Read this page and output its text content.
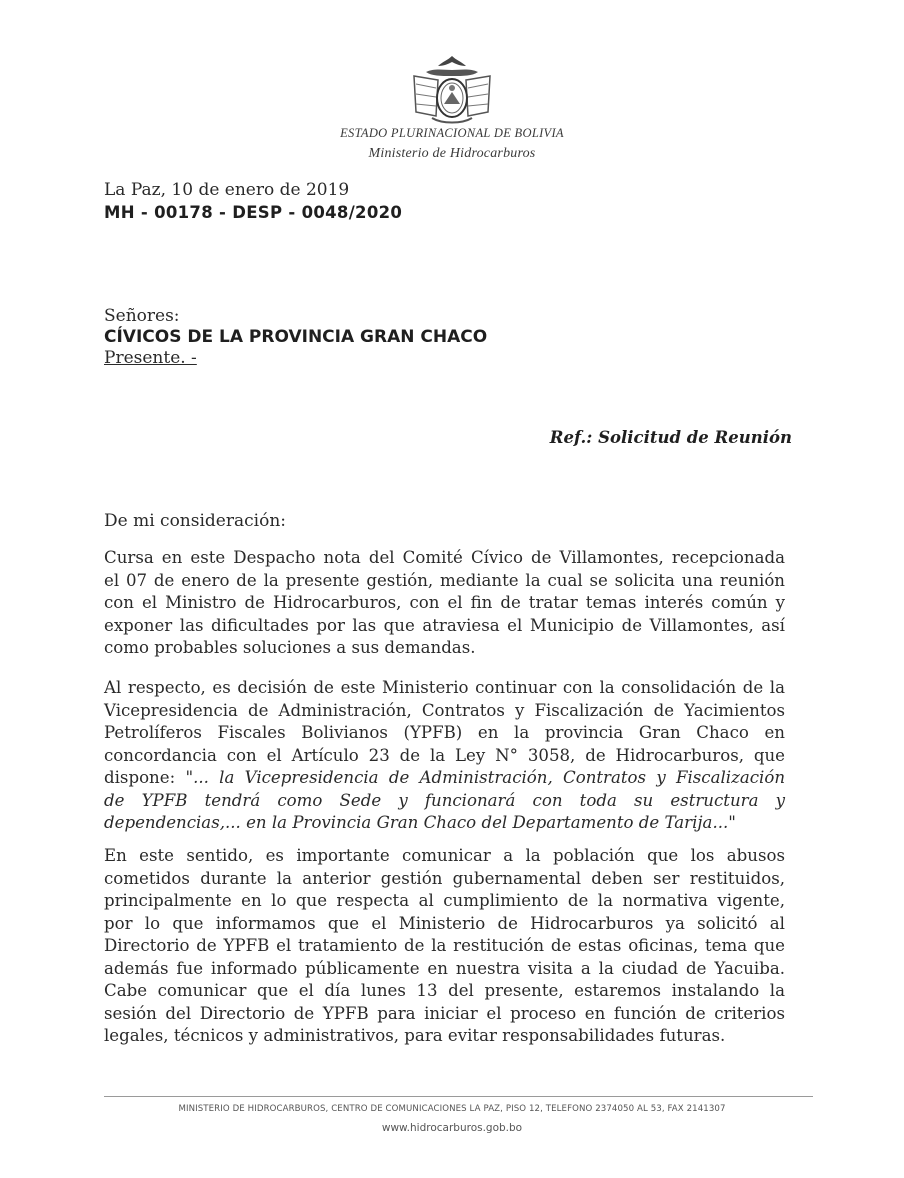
ESTADO PLURINACIONAL DE BOLIVIA
Ministerio de Hidrocarburos
La Paz, 10 de enero de 2019
MH - 00178 - DESP - 0048/2020
Señores:
CÍVICOS DE LA PROVINCIA GRAN CHACO
Presente. -
Ref.: Solicitud de Reunión
De mi consideración:
Cursa en este Despacho nota del Comité Cívico de Villamontes, recepcionada
el 07 de enero de la presente gestión, mediante la cual se solicita una reunión
con el Ministro de Hidrocarburos, con el fin de tratar temas interés común y
exponer las dificultades por las que atraviesa el Municipio de Villamontes, así
como probables soluciones a sus demandas.
Al respecto, es decisión de este Ministerio continuar con la consolidación de la
Vicepresidencia de Administración, Contratos y Fiscalización de Yacimientos
Petrolíferos Fiscales Bolivianos (YPFB) en la provincia Gran Chaco en
concordancia con el Artículo 23 de la Ley N° 3058, de Hidrocarburos, que
dispone: "... la Vicepresidencia de Administración, Contratos y Fiscalización
de YPFB tendrá como Sede y funcionará con toda su estructura y
dependencias,... en la Provincia Gran Chaco del Departamento de Tarija..."
En este sentido, es importante comunicar a la población que los abusos
cometidos durante la anterior gestión gubernamental deben ser restituidos,
principalmente en lo que respecta al cumplimiento de la normativa vigente,
por lo que informamos que el Ministerio de Hidrocarburos ya solicitó al
Directorio de YPFB el tratamiento de la restitución de estas oficinas, tema que
además fue informado públicamente en nuestra visita a la ciudad de Yacuiba.
Cabe comunicar que el día lunes 13 del presente, estaremos instalando la
sesión del Directorio de YPFB para iniciar el proceso en función de criterios
legales, técnicos y administrativos, para evitar responsabilidades futuras.
MINISTERIO DE HIDROCARBUROS, CENTRO DE COMUNICACIONES LA PAZ, PISO 12, TELEFONO 2374050 AL 53, FAX 2141307
www.hidrocarburos.gob.bo
